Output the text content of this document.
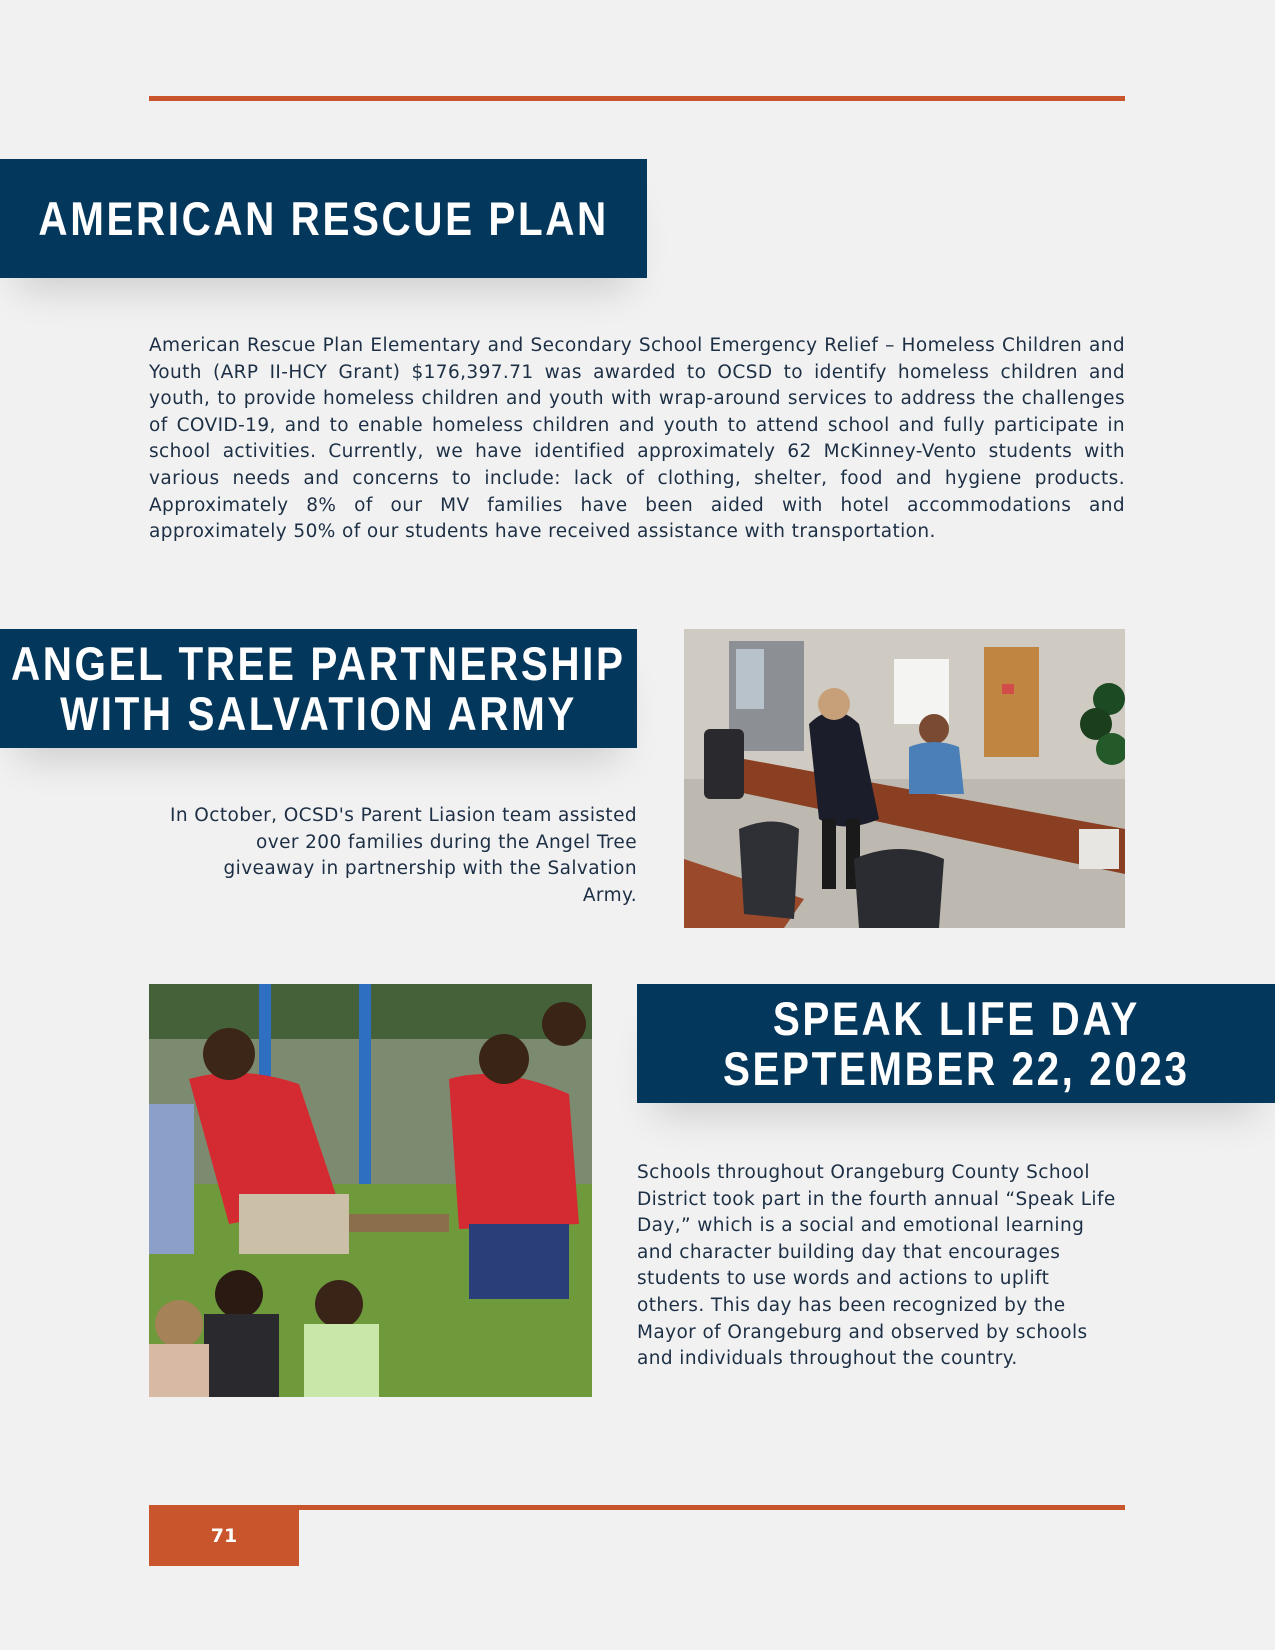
AMERICAN RESCUE PLAN

American Rescue Plan Elementary and Secondary School Emergency Relief – Homeless Children and Youth (ARP II-HCY Grant) $176,397.71 was awarded to OCSD to identify homeless children and youth, to provide homeless children and youth with wrap-around services to address the challenges of COVID-19, and to enable homeless children and youth to attend school and fully participate in school activities. Currently, we have identified approximately 62 McKinney-Vento students with various needs and concerns to include: lack of clothing, shelter, food and hygiene products. Approximately 8% of our MV families have been aided with hotel accommodations and approximately 50% of our students have received assistance with transportation.

ANGEL TREE PARTNERSHIP
WITH SALVATION ARMY

In October, OCSD's Parent Liasion team assisted over 200 families during the Angel Tree giveaway in partnership with the Salvation Army.

SPEAK LIFE DAY
SEPTEMBER 22, 2023

Schools throughout Orangeburg County School District took part in the fourth annual “Speak Life Day,” which is a social and emotional learning and character building day that encourages students to use words and actions to uplift others. This day has been recognized by the Mayor of Orangeburg and observed by schools and individuals throughout the country.

71
